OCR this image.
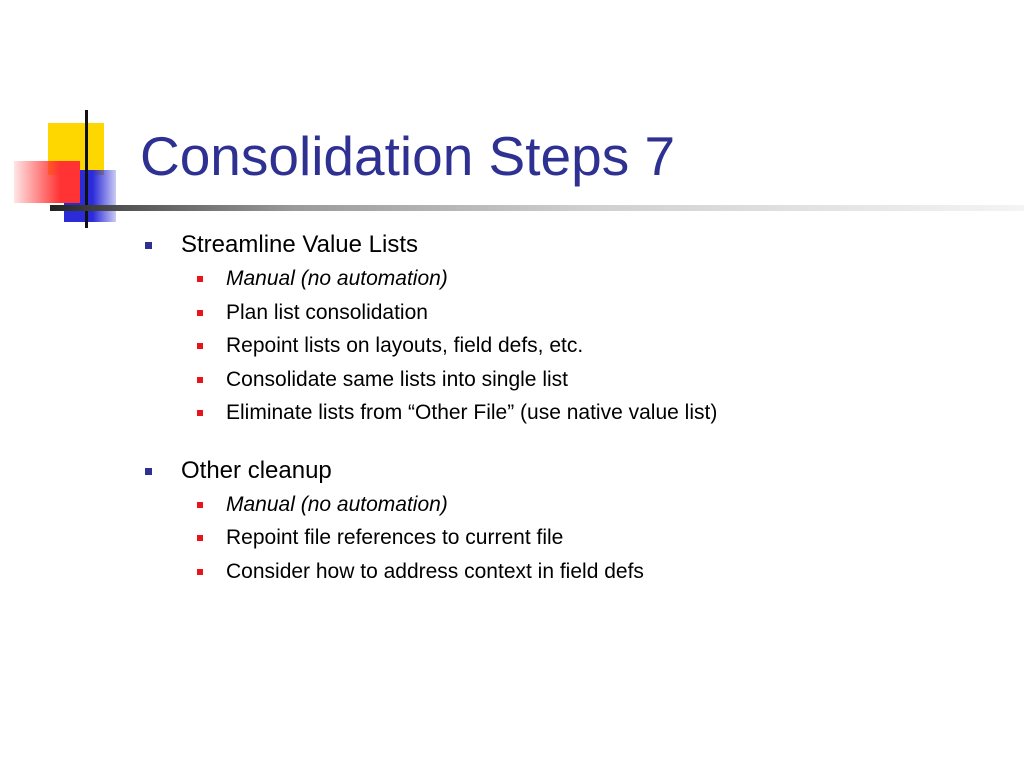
Consolidation Steps 7
Streamline Value Lists
Manual (no automation)
Plan list consolidation
Repoint lists on layouts, field defs, etc.
Consolidate same lists into single list
Eliminate lists from “Other File” (use native value list)
Other cleanup
Manual (no automation)
Repoint file references to current file
Consider how to address context in field defs
